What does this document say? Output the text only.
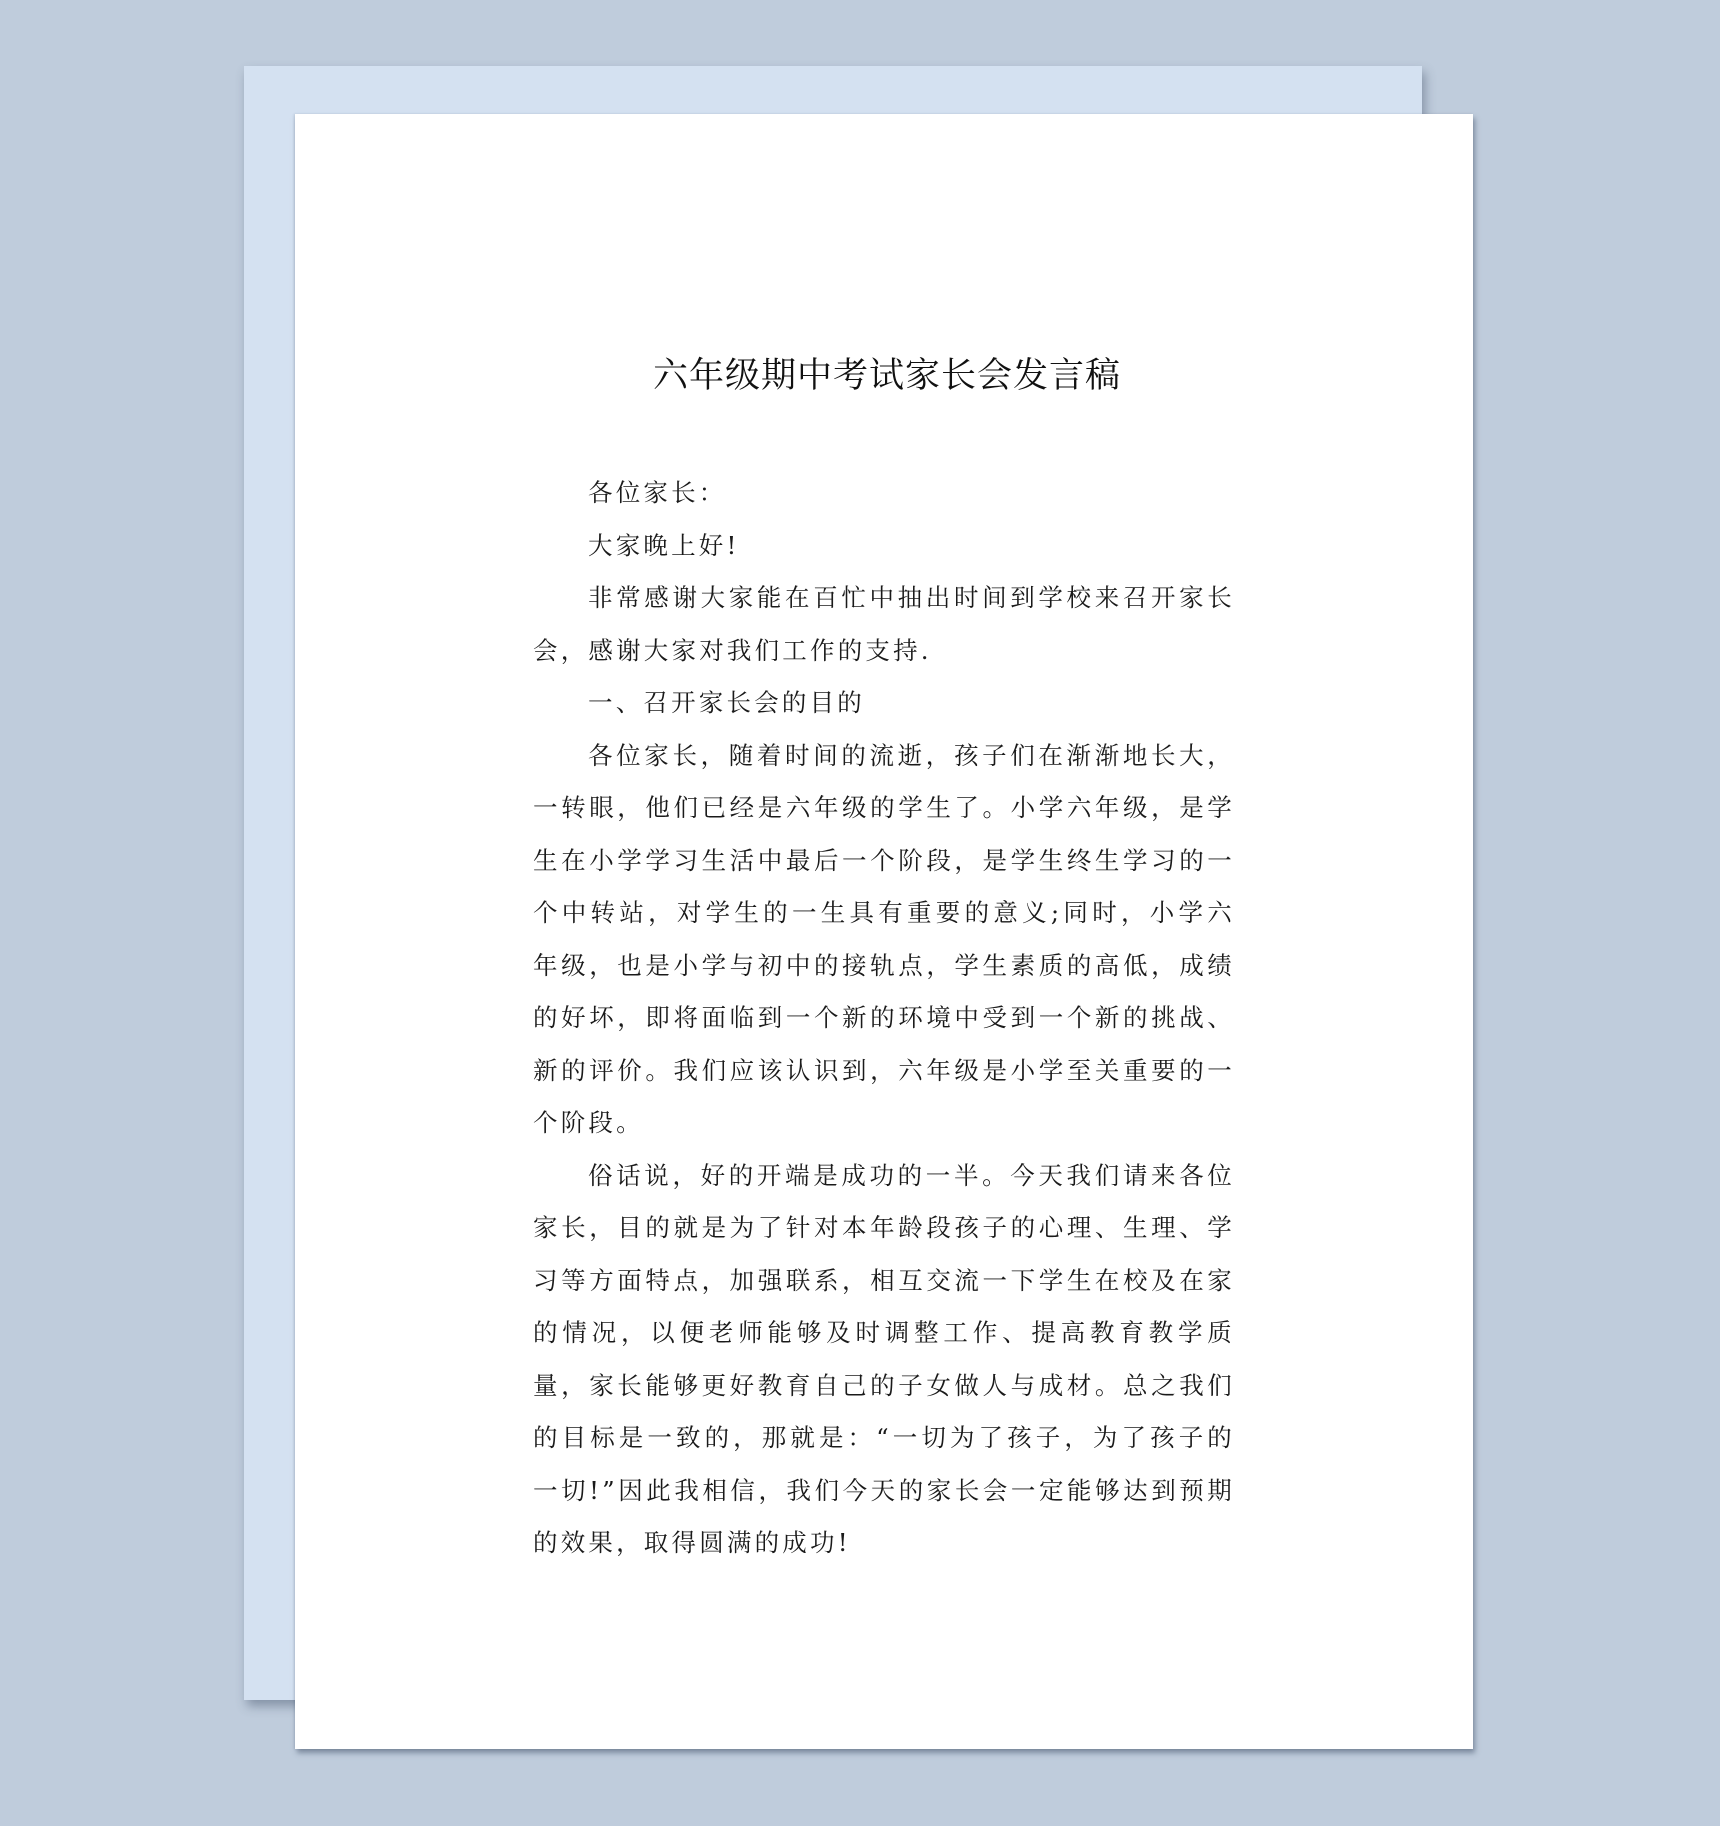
六年级期中考试家长会发言稿

各位家长：

大家晚上好!

非常感谢大家能在百忙中抽出时间到学校来召开家长会，感谢大家对我们工作的支持.

一、召开家长会的目的

各位家长，随着时间的流逝，孩子们在渐渐地长大，一转眼，他们已经是六年级的学生了。小学六年级，是学生在小学学习生活中最后一个阶段，是学生终生学习的一个中转站，对学生的一生具有重要的意义;同时，小学六年级，也是小学与初中的接轨点，学生素质的高低，成绩的好坏，即将面临到一个新的环境中受到一个新的挑战、新的评价。我们应该认识到，六年级是小学至关重要的一个阶段。

俗话说，好的开端是成功的一半。今天我们请来各位家长，目的就是为了针对本年龄段孩子的心理、生理、学习等方面特点，加强联系，相互交流一下学生在校及在家的情况，以便老师能够及时调整工作、提高教育教学质量，家长能够更好教育自己的子女做人与成材。总之我们的目标是一致的，那就是：“一切为了孩子，为了孩子的一切!”因此我相信，我们今天的家长会一定能够达到预期的效果，取得圆满的成功!
